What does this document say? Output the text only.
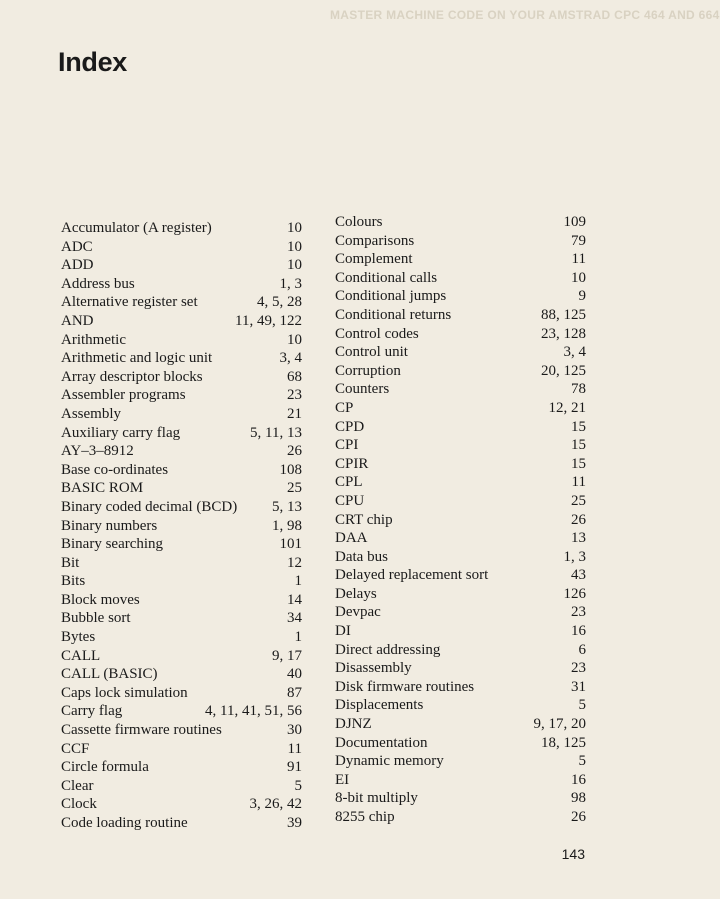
MASTER MACHINE CODE ON YOUR AMSTRAD CPC 464 AND 664
Index
Accumulator (A register)	10
ADC	10
ADD	10
Address bus	1, 3
Alternative register set	4, 5, 28
AND	11, 49, 122
Arithmetic	10
Arithmetic and logic unit	3, 4
Array descriptor blocks	68
Assembler programs	23
Assembly	21
Auxiliary carry flag	5, 11, 13
AY–3–8912	26
Base co-ordinates	108
BASIC ROM	25
Binary coded decimal (BCD)	5, 13
Binary numbers	1, 98
Binary searching	101
Bit	12
Bits	1
Block moves	14
Bubble sort	34
Bytes	1
CALL	9, 17
CALL (BASIC)	40
Caps lock simulation	87
Carry flag	4, 11, 41, 51, 56
Cassette firmware routines	30
CCF	11
Circle formula	91
Clear	5
Clock	3, 26, 42
Code loading routine	39
Colours	109
Comparisons	79
Complement	11
Conditional calls	10
Conditional jumps	9
Conditional returns	88, 125
Control codes	23, 128
Control unit	3, 4
Corruption	20, 125
Counters	78
CP	12, 21
CPD	15
CPI	15
CPIR	15
CPL	11
CPU	25
CRT chip	26
DAA	13
Data bus	1, 3
Delayed replacement sort	43
Delays	126
Devpac	23
DI	16
Direct addressing	6
Disassembly	23
Disk firmware routines	31
Displacements	5
DJNZ	9, 17, 20
Documentation	18, 125
Dynamic memory	5
EI	16
8-bit multiply	98
8255 chip	26

143
